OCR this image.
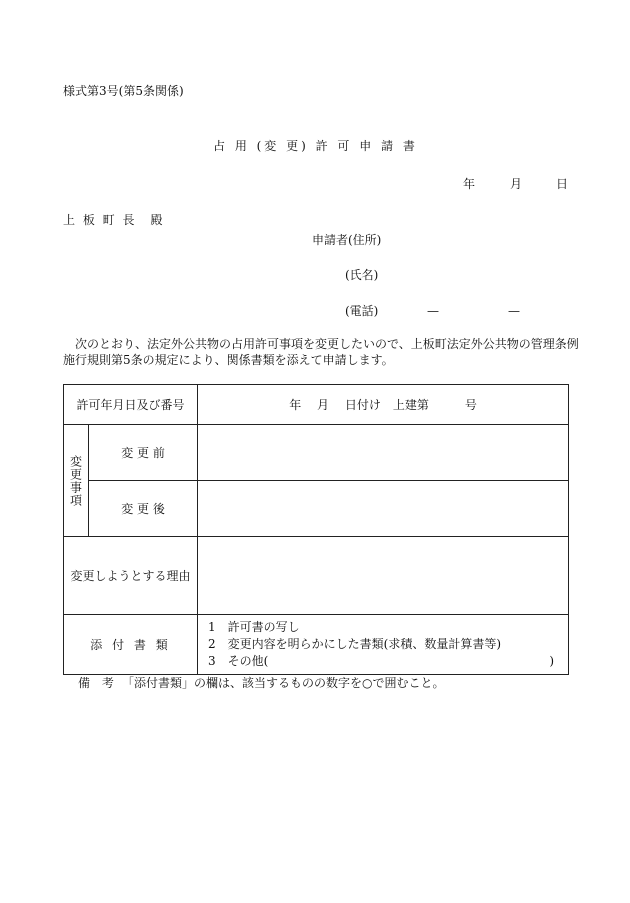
様式第3号(第5条関係)
占 用 (変 更) 許 可 申 請 書
年	月	日
上 板 町 長　殿
申請者(住所)
(氏名)
(電話)	—	—
次のとおり、法定外公共物の占用許可事項を変更したいので、上板町法定外公共物の管理条例
施行規則第5条の規定により、関係書類を添えて申請します。
許可年月日及び番号		年　 月　 日付け　上建第　　　号

変更事項	変 更 前	
	変 更 後	
変更しようとする理由		
添 付 書 類		1　許可書の写し
2　変更内容を明らかにした書類(求積、数量計算書等)
3　その他( )
備 考 「添付書類」の欄は、該当するものの数字を○で囲むこと。
